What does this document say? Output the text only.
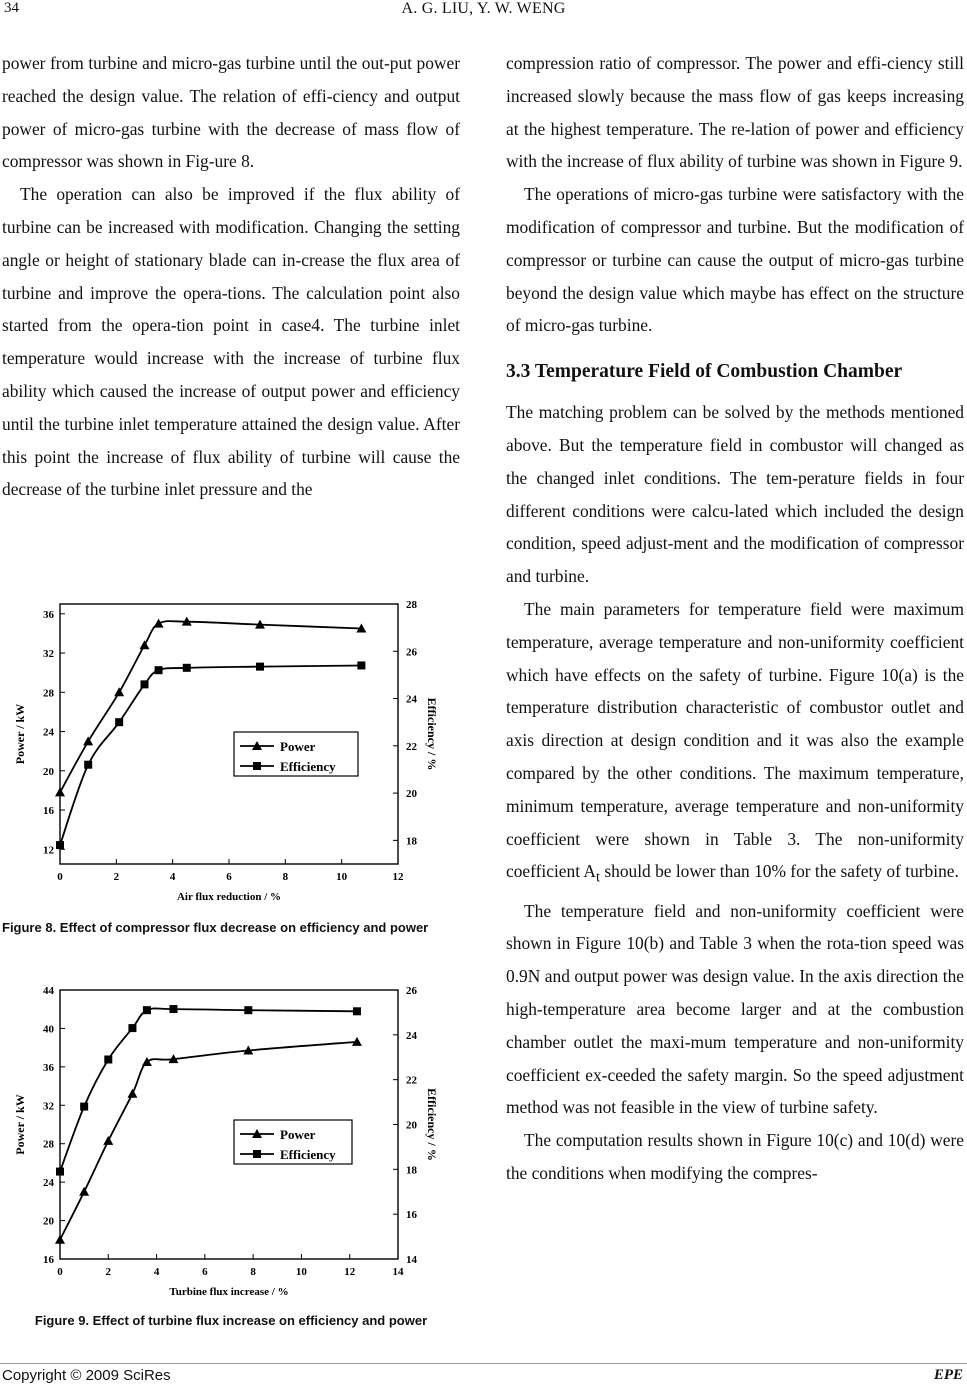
34	A. G. LIU, Y. W. WENG

power from turbine and micro-gas turbine until the out-put power reached the design value. The relation of effi-ciency and output power of micro-gas turbine with the decrease of mass flow of compressor was shown in Fig-ure 8.

The operation can also be improved if the flux ability of turbine can be increased with modification. Changing the setting angle or height of stationary blade can in-crease the flux area of turbine and improve the opera-tions. The calculation point also started from the opera-tion point in case4. The turbine inlet temperature would increase with the increase of turbine flux ability which caused the increase of output power and efficiency until the turbine inlet temperature attained the design value. After this point the increase of flux ability of turbine will cause the decrease of the turbine inlet pressure and the

compression ratio of compressor. The power and effi-ciency still increased slowly because the mass flow of gas keeps increasing at the highest temperature. The re-lation of power and efficiency with the increase of flux ability of turbine was shown in Figure 9.

The operations of micro-gas turbine were satisfactory with the modification of compressor and turbine. But the modification of compressor or turbine can cause the output of micro-gas turbine beyond the design value which maybe has effect on the structure of micro-gas turbine.

3.3 Temperature Field of Combustion Chamber

The matching problem can be solved by the methods mentioned above. But the temperature field in combustor will changed as the changed inlet conditions. The tem-perature fields in four different conditions were calcu-lated which included the design condition, speed adjust-ment and the modification of compressor and turbine.

The main parameters for temperature field were maximum temperature, average temperature and non-uniformity coefficient which have effects on the safety of turbine. Figure 10(a) is the temperature distribution characteristic of combustor outlet and axis direction at design condition and it was also the example compared by the other conditions. The maximum temperature, minimum temperature, average temperature and non-uniformity coefficient were shown in Table 3. The non-uniformity coefficient $A_t$ should be lower than 10% for the safety of turbine.

The temperature field and non-uniformity coefficient were shown in Figure 10(b) and Table 3 when the rota-tion speed was 0.9N and output power was design value. In the axis direction the high-temperature area become larger and at the combustion chamber outlet the maxi-mum temperature and non-uniformity coefficient ex-ceeded the safety margin. So the speed adjustment method was not feasible in the view of turbine safety.

The computation results shown in Figure 10(c) and 10(d) were the conditions when modifying the compres-

0	2	4	6	8	10	12
12
16
20
24
28
32
36
18
20
22
24
26
28
Air flux reduction / %
Power / kW	Efficiency / %
Power
Efficiency
Figure 8. Effect of compressor flux decrease on efficiency and power
0	2	4	6	8	10	12	14
16
20
24
28
32
36
40
44
14
16
18
20
22
24
26
Turbine flux increase / %
Power / kW	Efficiency / %
Power
Efficiency
Figure 9. Effect of turbine flux increase on efficiency and power
Copyright © 2009 SciRes	EPE
